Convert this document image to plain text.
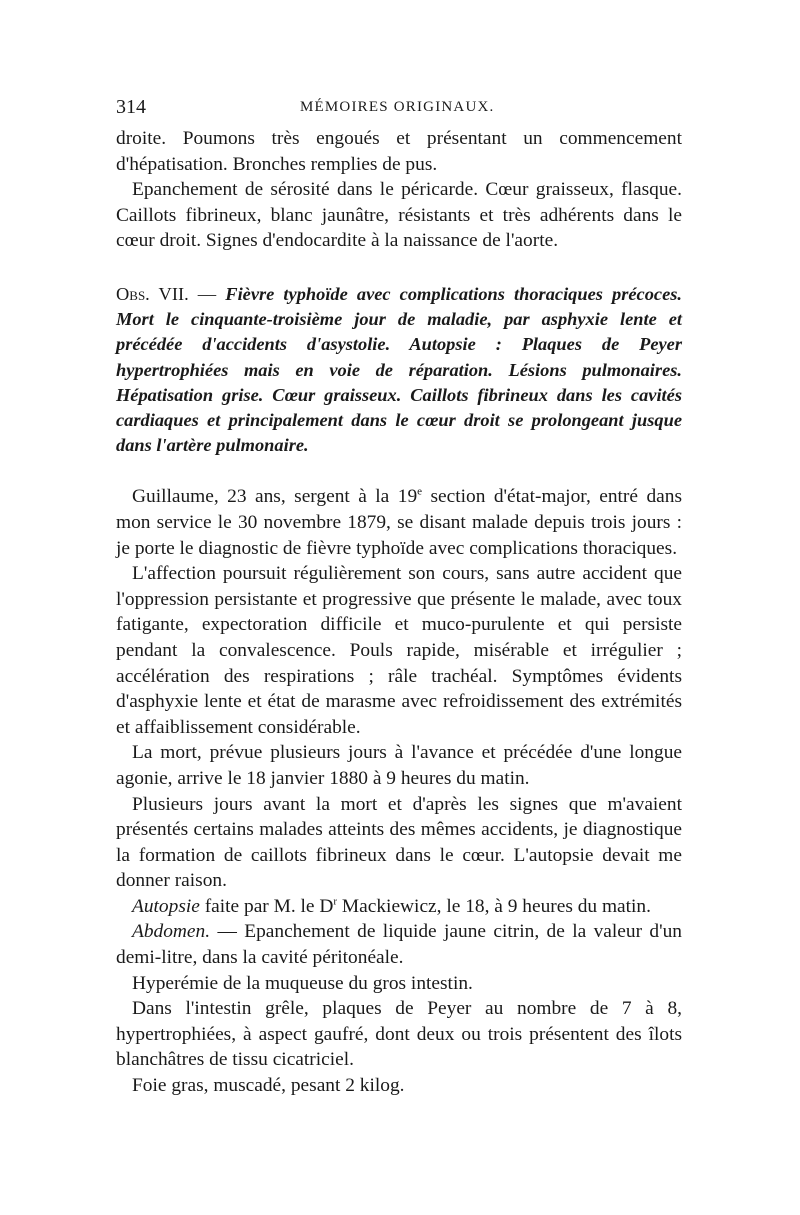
314	MÉMOIRES ORIGINAUX.

droite. Poumons très engoués et présentant un commencement d'hépatisation. Bronches remplies de pus.

Epanchement de sérosité dans le péricarde. Cœur graisseux, flasque. Caillots fibrineux, blanc jaunâtre, résistants et très adhérents dans le cœur droit. Signes d'endocardite à la naissance de l'aorte.

Obs. VII. — Fièvre typhoïde avec complications thoraciques précoces. Mort le cinquante-troisième jour de maladie, par asphyxie lente et précédée d'accidents d'asystolie. Autopsie : Plaques de Peyer hypertrophiées mais en voie de réparation. Lésions pulmonaires. Hépatisation grise. Cœur graisseux. Caillots fibrineux dans les cavités cardiaques et principalement dans le cœur droit se prolongeant jusque dans l'artère pulmonaire.

Guillaume, 23 ans, sergent à la 19e section d'état-major, entré dans mon service le 30 novembre 1879, se disant malade depuis trois jours : je porte le diagnostic de fièvre typhoïde avec complications thoraciques.

L'affection poursuit régulièrement son cours, sans autre accident que l'oppression persistante et progressive que présente le malade, avec toux fatigante, expectoration difficile et muco-purulente et qui persiste pendant la convalescence. Pouls rapide, misérable et irrégulier ; accélération des respirations ; râle trachéal. Symptômes évidents d'asphyxie lente et état de marasme avec refroidissement des extrémités et affaiblissement considérable.

La mort, prévue plusieurs jours à l'avance et précédée d'une longue agonie, arrive le 18 janvier 1880 à 9 heures du matin.

Plusieurs jours avant la mort et d'après les signes que m'avaient présentés certains malades atteints des mêmes accidents, je diagnostique la formation de caillots fibrineux dans le cœur. L'autopsie devait me donner raison.

Autopsie faite par M. le $D^r$ Mackiewicz, le 18, à 9 heures du matin.

Abdomen. — Epanchement de liquide jaune citrin, de la valeur d'un demi-litre, dans la cavité péritonéale.

Hyperémie de la muqueuse du gros intestin.

Dans l'intestin grêle, plaques de Peyer au nombre de 7 à 8, hypertrophiées, à aspect gaufré, dont deux ou trois présentent des îlots blanchâtres de tissu cicatriciel.

Foie gras, muscadé, pesant 2 kilog.
